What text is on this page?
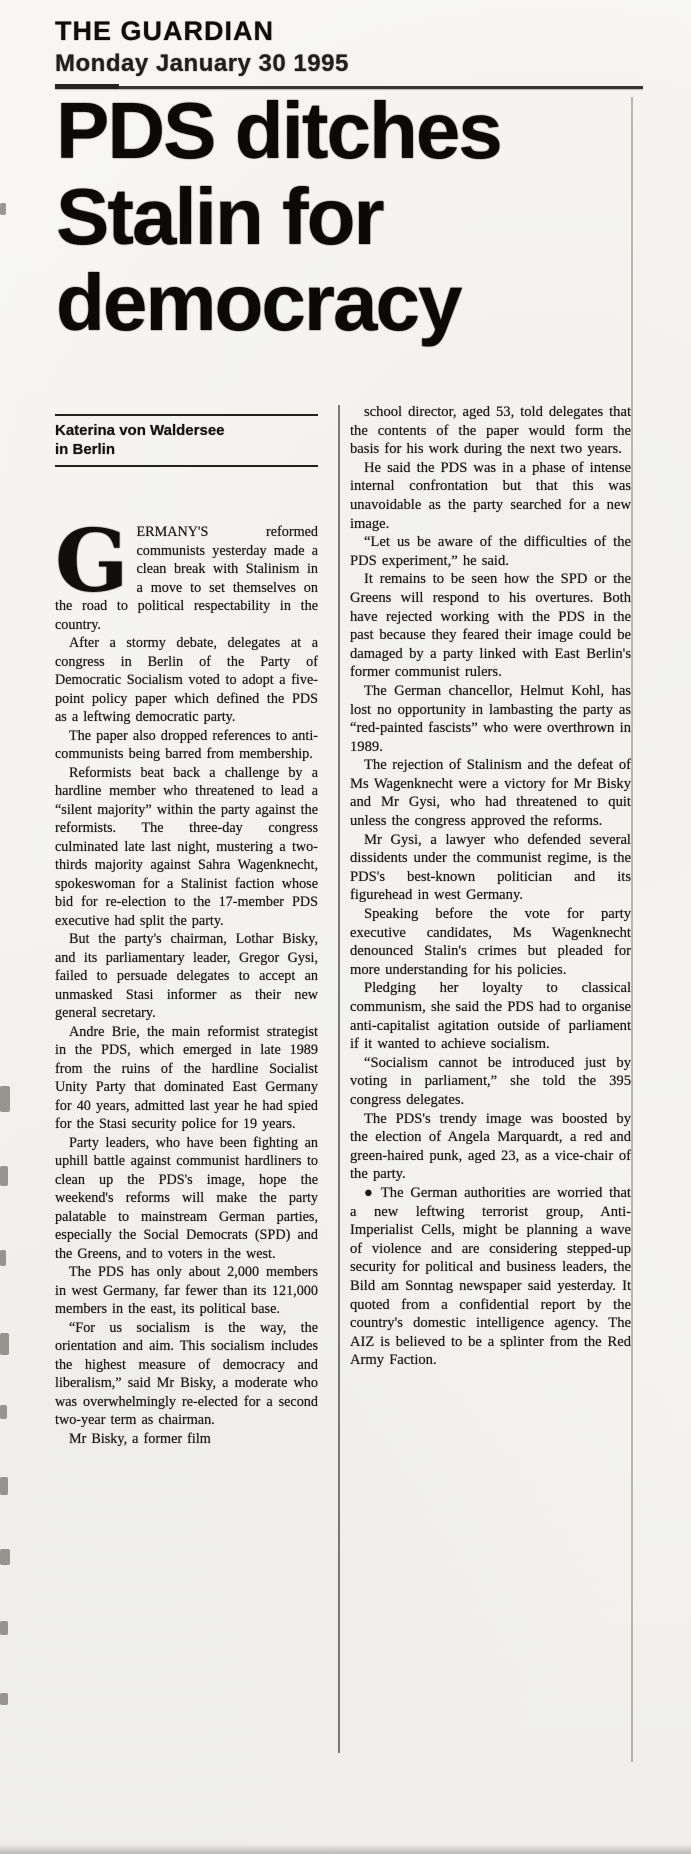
THE GUARDIAN
Monday January 30 1995
PDS ditches
Stalin for
democracy
Katerina von Waldersee
in Berlin

GERMANY'S reformed communists yesterday made a clean break with Stalinism in a move to set themselves on the road to political respectability in the country.

After a stormy debate, delegates at a congress in Berlin of the Party of Democratic Socialism voted to adopt a five-point policy paper which defined the PDS as a leftwing democratic party.

The paper also dropped references to anti-communists being barred from membership.

Reformists beat back a challenge by a hardline member who threatened to lead a “silent majority” within the party against the reformists. The three-day congress culminated late last night, mustering a two-thirds majority against Sahra Wagenknecht, spokeswoman for a Stalinist faction whose bid for re-election to the 17-member PDS executive had split the party.

But the party's chairman, Lothar Bisky, and its parliamentary leader, Gregor Gysi, failed to persuade delegates to accept an unmasked Stasi informer as their new general secretary.

Andre Brie, the main reformist strategist in the PDS, which emerged in late 1989 from the ruins of the hardline Socialist Unity Party that dominated East Germany for 40 years, admitted last year he had spied for the Stasi security police for 19 years.

Party leaders, who have been fighting an uphill battle against communist hardliners to clean up the PDS's image, hope the weekend's reforms will make the party palatable to mainstream German parties, especially the Social Democrats (SPD) and the Greens, and to voters in the west.

The PDS has only about 2,000 members in west Germany, far fewer than its 121,000 members in the east, its political base.

“For us socialism is the way, the orientation and aim. This socialism includes the highest measure of democracy and liberalism,” said Mr Bisky, a moderate who was overwhelmingly re-elected for a second two-year term as chairman.

Mr Bisky, a former film

school director, aged 53, told delegates that the contents of the paper would form the basis for his work during the next two years.

He said the PDS was in a phase of intense internal confrontation but that this was unavoidable as the party searched for a new image.

“Let us be aware of the difficulties of the PDS experiment,” he said.

It remains to be seen how the SPD or the Greens will respond to his overtures. Both have rejected working with the PDS in the past because they feared their image could be damaged by a party linked with East Berlin's former communist rulers.

The German chancellor, Helmut Kohl, has lost no opportunity in lambasting the party as “red-painted fascists” who were overthrown in 1989.

The rejection of Stalinism and the defeat of Ms Wagenknecht were a victory for Mr Bisky and Mr Gysi, who had threatened to quit unless the congress approved the reforms.

Mr Gysi, a lawyer who defended several dissidents under the communist regime, is the PDS's best-known politician and its figurehead in west Germany.

Speaking before the vote for party executive candidates, Ms Wagenknecht denounced Stalin's crimes but pleaded for more understanding for his policies.

Pledging her loyalty to classical communism, she said the PDS had to organise anti-capitalist agitation outside of parliament if it wanted to achieve socialism.

“Socialism cannot be introduced just by voting in parliament,” she told the 395 congress delegates.

The PDS's trendy image was boosted by the election of Angela Marquardt, a red and green-haired punk, aged 23, as a vice-chair of the party.

● The German authorities are worried that a new leftwing terrorist group, Anti-Imperialist Cells, might be planning a wave of violence and are considering stepped-up security for political and business leaders, the Bild am Sonntag newspaper said yesterday. It quoted from a confidential report by the country's domestic intelligence agency. The AIZ is believed to be a splinter from the Red Army Faction.
